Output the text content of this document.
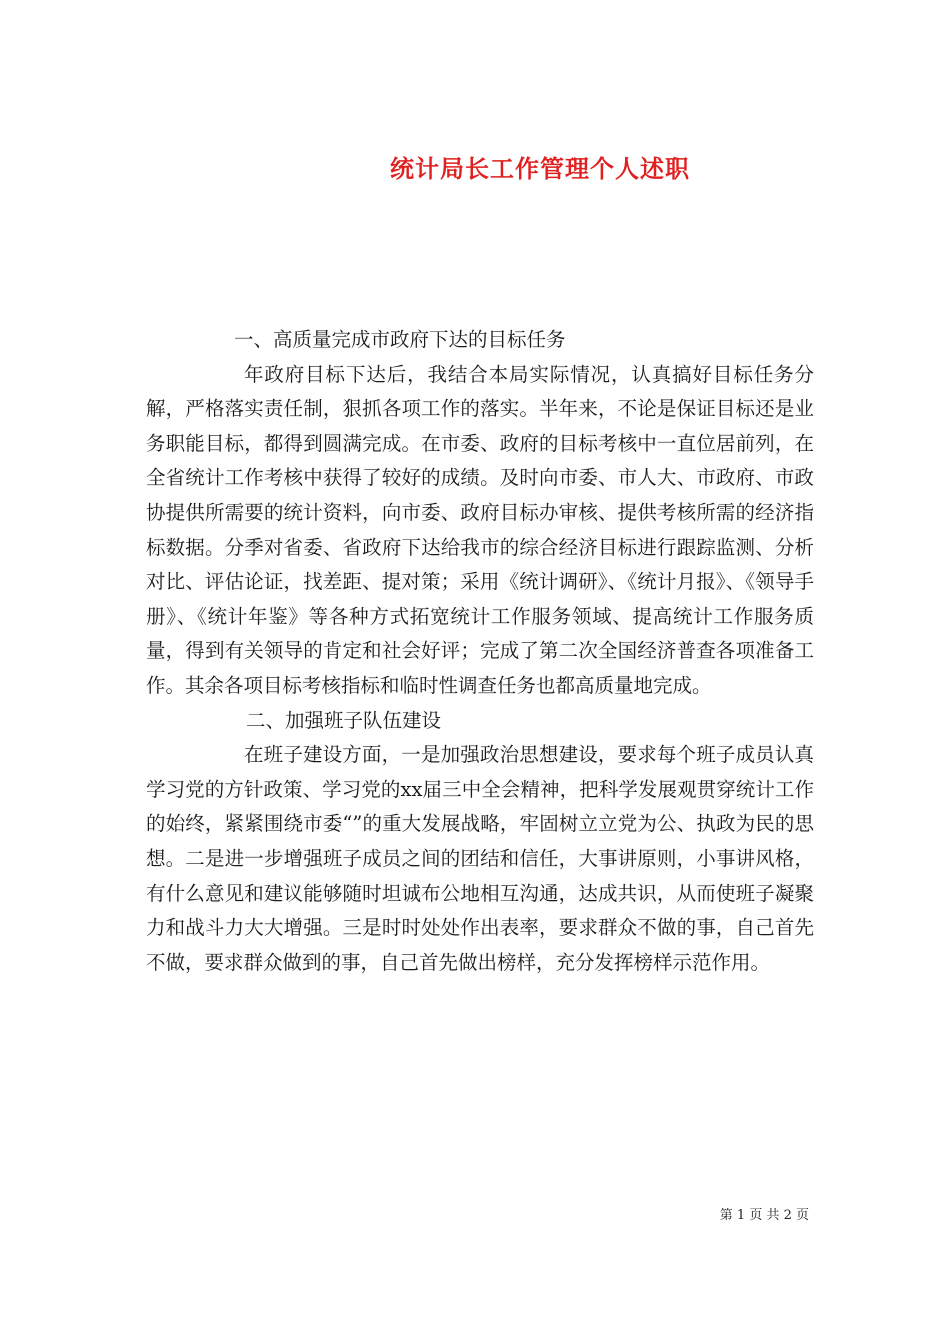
统计局长工作管理个人述职

一、高质量完成市政府下达的目标任务

年政府目标下达后，我结合本局实际情况，认真搞好目标任务分解，严格落实责任制，狠抓各项工作的落实。半年来，不论是保证目标还是业务职能目标，都得到圆满完成。在市委、政府的目标考核中一直位居前列，在全省统计工作考核中获得了较好的成绩。及时向市委、市人大、市政府、市政协提供所需要的统计资料，向市委、政府目标办审核、提供考核所需的经济指标数据。分季对省委、省政府下达给我市的综合经济目标进行跟踪监测、分析对比、评估论证，找差距、提对策；采用《统计调研》、《统计月报》、《领导手册》、《统计年鉴》等各种方式拓宽统计工作服务领域、提高统计工作服务质量，得到有关领导的肯定和社会好评；完成了第二次全国经济普查各项准备工作。其余各项目标考核指标和临时性调查任务也都高质量地完成。

二、加强班子队伍建设

在班子建设方面，一是加强政治思想建设，要求每个班子成员认真学习党的方针政策、学习党的xx届三中全会精神，把科学发展观贯穿统计工作的始终，紧紧围绕市委“”的重大发展战略，牢固树立立党为公、执政为民的思想。二是进一步增强班子成员之间的团结和信任，大事讲原则，小事讲风格，有什么意见和建议能够随时坦诚布公地相互沟通，达成共识，从而使班子凝聚力和战斗力大大增强。三是时时处处作出表率，要求群众不做的事，自己首先不做，要求群众做到的事，自己首先做出榜样，充分发挥榜样示范作用。

第 1 页 共 2 页
